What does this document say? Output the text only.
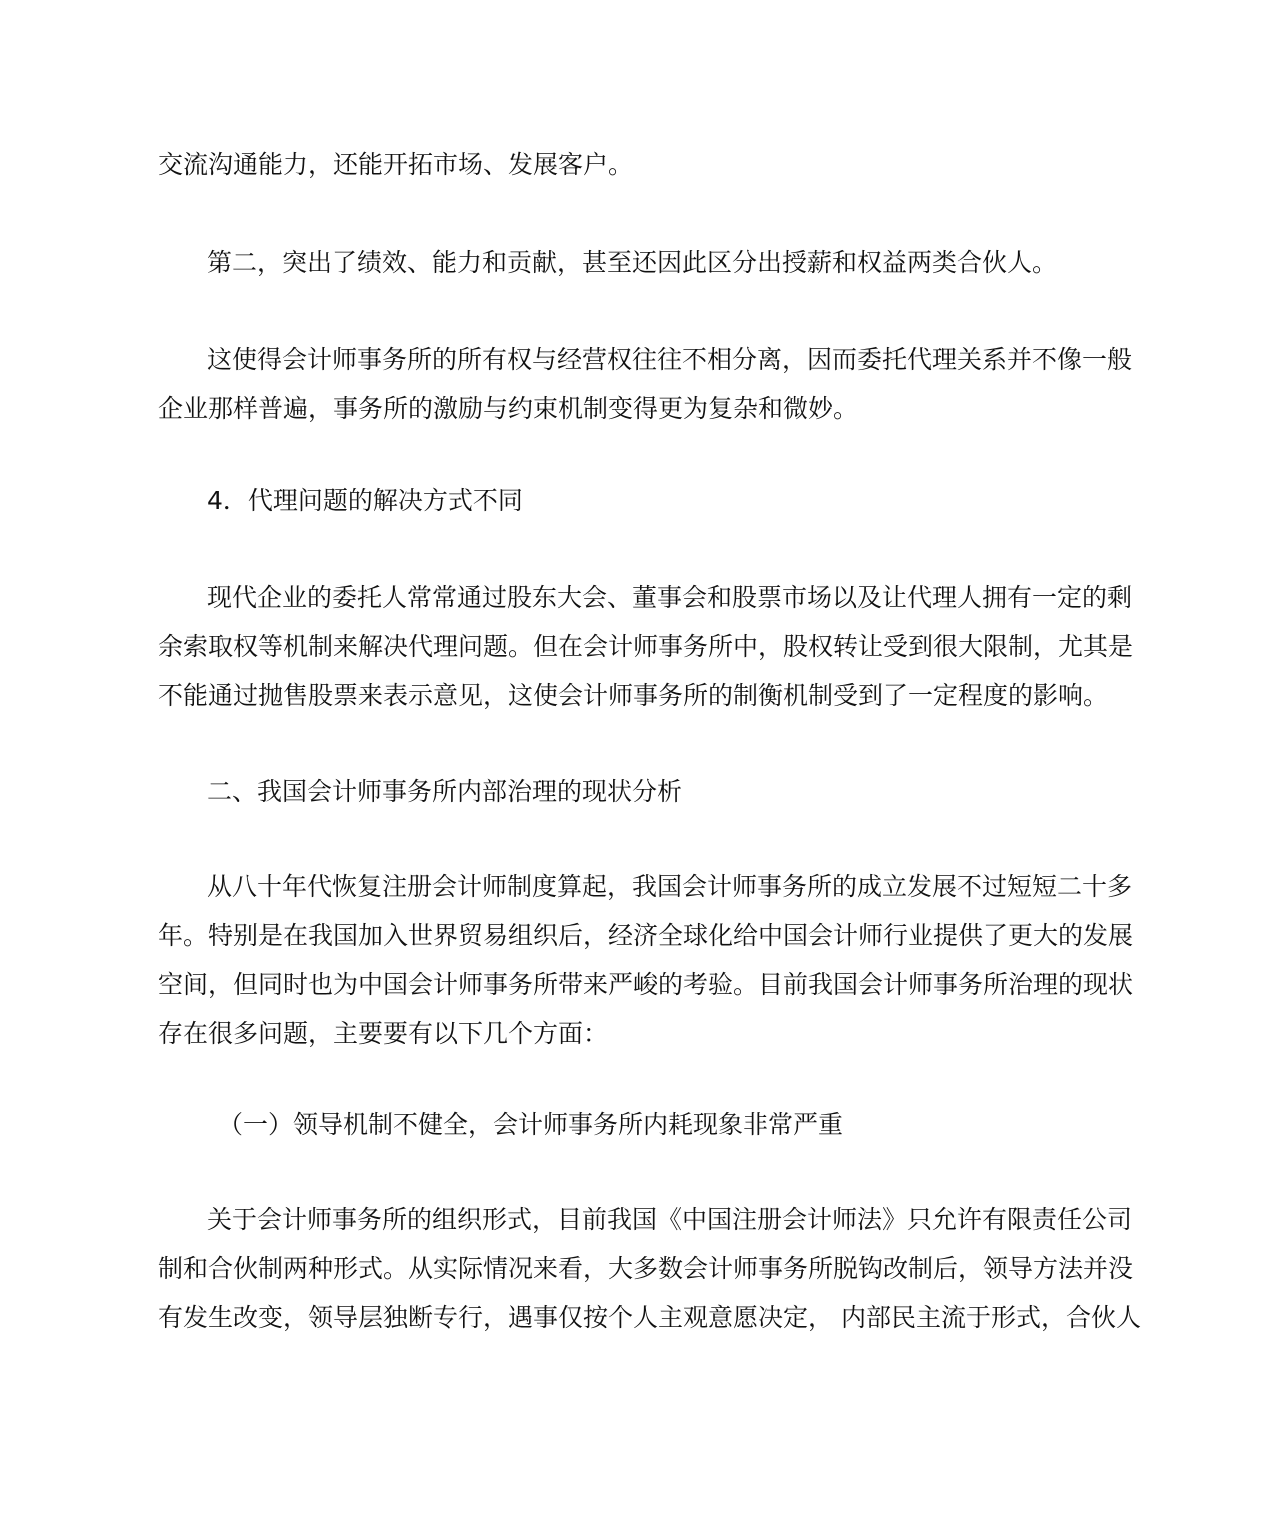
交流沟通能力，还能开拓市场、发展客户。
第二，突出了绩效、能力和贡献，甚至还因此区分出授薪和权益两类合伙人。
这使得会计师事务所的所有权与经营权往往不相分离，因而委托代理关系并不像一般
企业那样普遍，事务所的激励与约束机制变得更为复杂和微妙。
4．代理问题的解决方式不同
现代企业的委托人常常通过股东大会、董事会和股票市场以及让代理人拥有一定的剩
余索取权等机制来解决代理问题。但在会计师事务所中，股权转让受到很大限制，尤其是
不能通过抛售股票来表示意见，这使会计师事务所的制衡机制受到了一定程度的影响。
二、我国会计师事务所内部治理的现状分析
从八十年代恢复注册会计师制度算起，我国会计师事务所的成立发展不过短短二十多
年。特别是在我国加入世界贸易组织后，经济全球化给中国会计师行业提供了更大的发展
空间，但同时也为中国会计师事务所带来严峻的考验。目前我国会计师事务所治理的现状
存在很多问题，主要要有以下几个方面：
（一）领导机制不健全，会计师事务所内耗现象非常严重
关于会计师事务所的组织形式，目前我国《中国注册会计师法》只允许有限责任公司
制和合伙制两种形式。从实际情况来看，大多数会计师事务所脱钩改制后，领导方法并没
有发生改变，领导层独断专行，遇事仅按个人主观意愿决定， 内部民主流于形式，合伙人
